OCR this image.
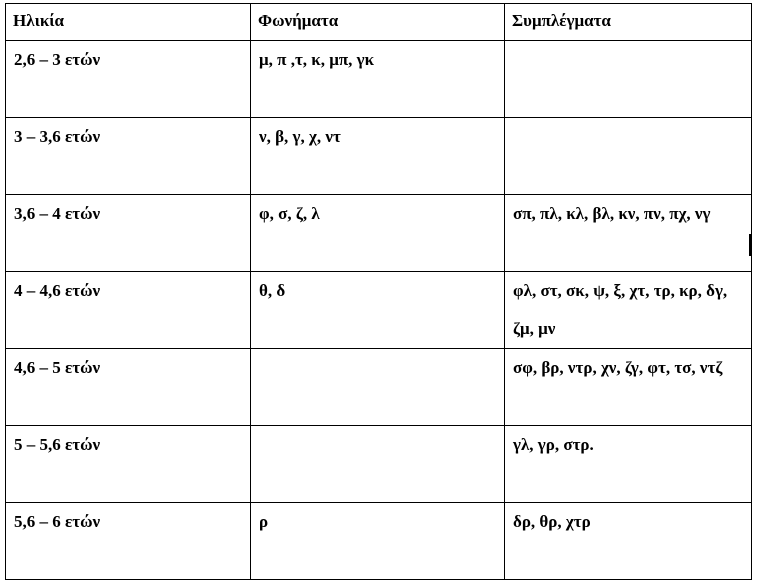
Ηλικία	Φωνήματα	Συμπλέγματα

2,6 – 3 ετών	μ, π ,τ, κ, μπ, γκ	

3 – 3,6 ετών	ν, β, γ, χ, ντ	

3,6 – 4 ετών	φ, σ, ζ, λ	σπ, πλ, κλ, βλ, κν, πν, πχ, νγ

4 – 4,6 ετών	θ, δ	φλ, στ, σκ, ψ, ξ, χτ, τρ, κρ, δγ, ζμ, μν

4,6 – 5 ετών		σφ, βρ, ντρ, χν, ζγ, φτ, τσ, ντζ

5 – 5,6 ετών		γλ, γρ, στρ.

5,6 – 6 ετών	ρ	δρ, θρ, χτρ
